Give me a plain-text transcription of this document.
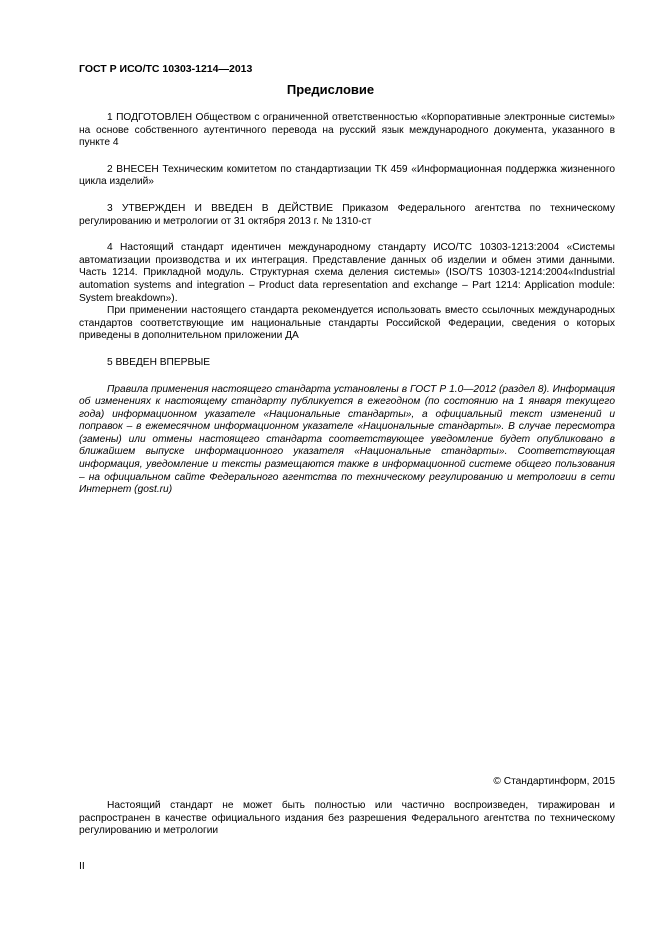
ГОСТ Р ИСО/ТС 10303-1214—2013
Предисловие

1 ПОДГОТОВЛЕН Обществом с ограниченной ответственностью «Корпоративные электронные системы» на основе собственного аутентичного перевода на русский язык международного документа, указанного в пункте 4

2 ВНЕСЕН Техническим комитетом по стандартизации ТК 459 «Информационная поддержка жизненного цикла изделий»

3 УТВЕРЖДЕН И ВВЕДЕН В ДЕЙСТВИЕ Приказом Федерального агентства по техническому регулированию и метрологии от 31 октября 2013 г. № 1310-ст

4 Настоящий стандарт идентичен международному стандарту ИСО/ТС 10303-1213:2004 «Системы автоматизации производства и их интеграция. Представление данных об изделии и обмен этими данными. Часть 1214. Прикладной модуль. Структурная схема деления системы» (ISO/TS 10303-1214:2004«Industrial automation systems and integration – Product data representation and exchange – Part 1214: Application module: System breakdown»).

При применении настоящего стандарта рекомендуется использовать вместо ссылочных международных стандартов соответствующие им национальные стандарты Российской Федерации, сведения о которых приведены в дополнительном приложении ДА

5 ВВЕДЕН ВПЕРВЫЕ

Правила применения настоящего стандарта установлены в ГОСТ Р 1.0—2012 (раздел 8). Информация об изменениях к настоящему стандарту публикуется в ежегодном (по состоянию на 1 января текущего года) информационном указателе «Национальные стандарты», а официальный текст изменений и поправок – в ежемесячном информационном указателе «Национальные стандарты». В случае пересмотра (замены) или отмены настоящего стандарта соответствующее уведомление будет опубликовано в ближайшем выпуске информационного указателя «Национальные стандарты». Соответствующая информация, уведомление и тексты размещаются также в информационной системе общего пользования – на официальном сайте Федерального агентства по техническому регулированию и метрологии в сети Интернет (gost.ru)

© Стандартинформ, 2015

Настоящий стандарт не может быть полностью или частично воспроизведен, тиражирован и распространен в качестве официального издания без разрешения Федерального агентства по техническому регулированию и метрологии

II
